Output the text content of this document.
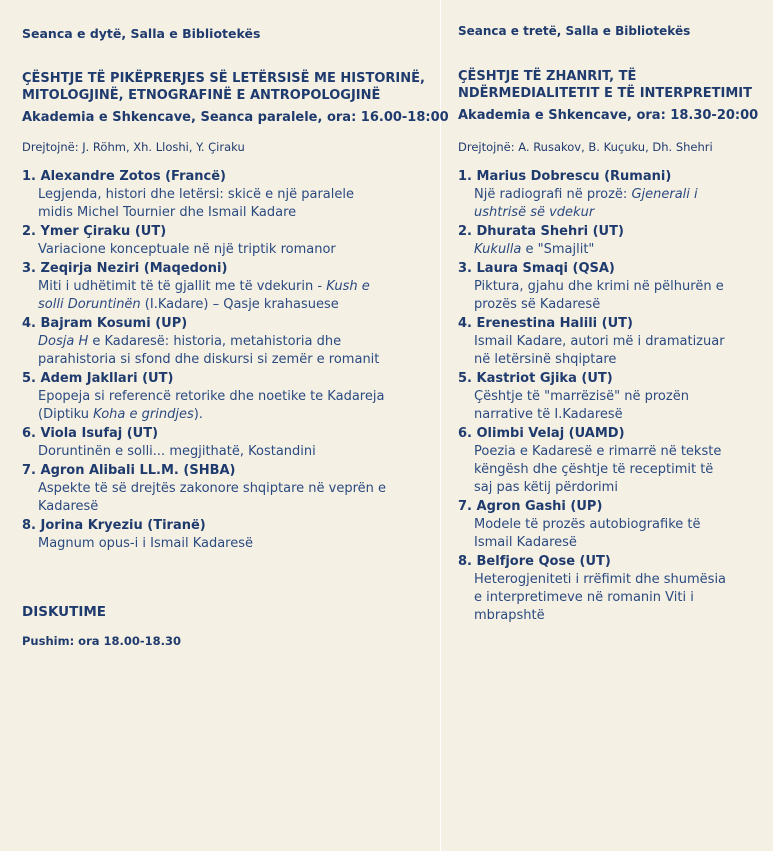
Seanca e dytë, Salla e Bibliotekës
ÇËSHTJE TË PIKËPRERJES SË LETËRSISË ME HISTORINË,
MITOLOGJINË, ETNOGRAFINË E ANTROPOLOGJINË
Akademia e Shkencave, Seanca paralele, ora: 16.00-18:00
Drejtojnë: J. Röhm, Xh. Lloshi, Y. Çiraku
1. Alexandre Zotos (Francë)
Legjenda, histori dhe letërsi: skicë e një paralele
midis Michel Tournier dhe Ismail Kadare
2. Ymer Çiraku (UT)
Variacione konceptuale në një triptik romanor
3. Zeqirja Neziri (Maqedoni)
Miti i udhëtimit të të gjallit me të vdekurin - Kush e
solli Doruntinën (I.Kadare) – Qasje krahasuese
4. Bajram Kosumi (UP)
Dosja H e Kadaresë: historia, metahistoria dhe
parahistoria si sfond dhe diskursi si zemër e romanit
5. Adem Jakllari (UT)
Epopeja si referencë retorike dhe noetike te Kadareja
(Diptiku Koha e grindjes).
6. Viola Isufaj (UT)
Doruntinën e solli... megjithatë, Kostandini
7. Agron Alibali LL.M. (SHBA)
Aspekte të së drejtës zakonore shqiptare në veprën e
Kadaresë
8. Jorina Kryeziu (Tiranë)
Magnum opus-i i Ismail Kadaresë
DISKUTIME
Pushim: ora 18.00-18.30
Seanca e tretë, Salla e Bibliotekës
ÇËSHTJE TË ZHANRIT, TË
NDËRMEDIALITETIT E TË INTERPRETIMIT
Akademia e Shkencave, ora: 18.30-20:00
Drejtojnë: A. Rusakov, B. Kuçuku, Dh. Shehri
1. Marius Dobrescu (Rumani)
Një radiografi në prozë: Gjenerali i
ushtrisë së vdekur
2. Dhurata Shehri (UT)
Kukulla e "Smajlit"
3. Laura Smaqi (QSA)
Piktura, gjahu dhe krimi në pëlhurën e
prozës së Kadaresë
4. Erenestina Halili (UT)
Ismail Kadare, autori më i dramatizuar
në letërsinë shqiptare
5. Kastriot Gjika (UT)
Çështje të "marrëzisë" në prozën
narrative të I.Kadaresë
6. Olimbi Velaj (UAMD)
Poezia e Kadaresë e rimarrë në tekste
këngësh dhe çështje të receptimit të
saj pas këtij përdorimi
7. Agron Gashi (UP)
Modele të prozës autobiografike të
Ismail Kadaresë
8. Belfjore Qose (UT)
Heterogjeniteti i rrëfimit dhe shumësia
e interpretimeve në romanin Viti i
mbrapshtë
